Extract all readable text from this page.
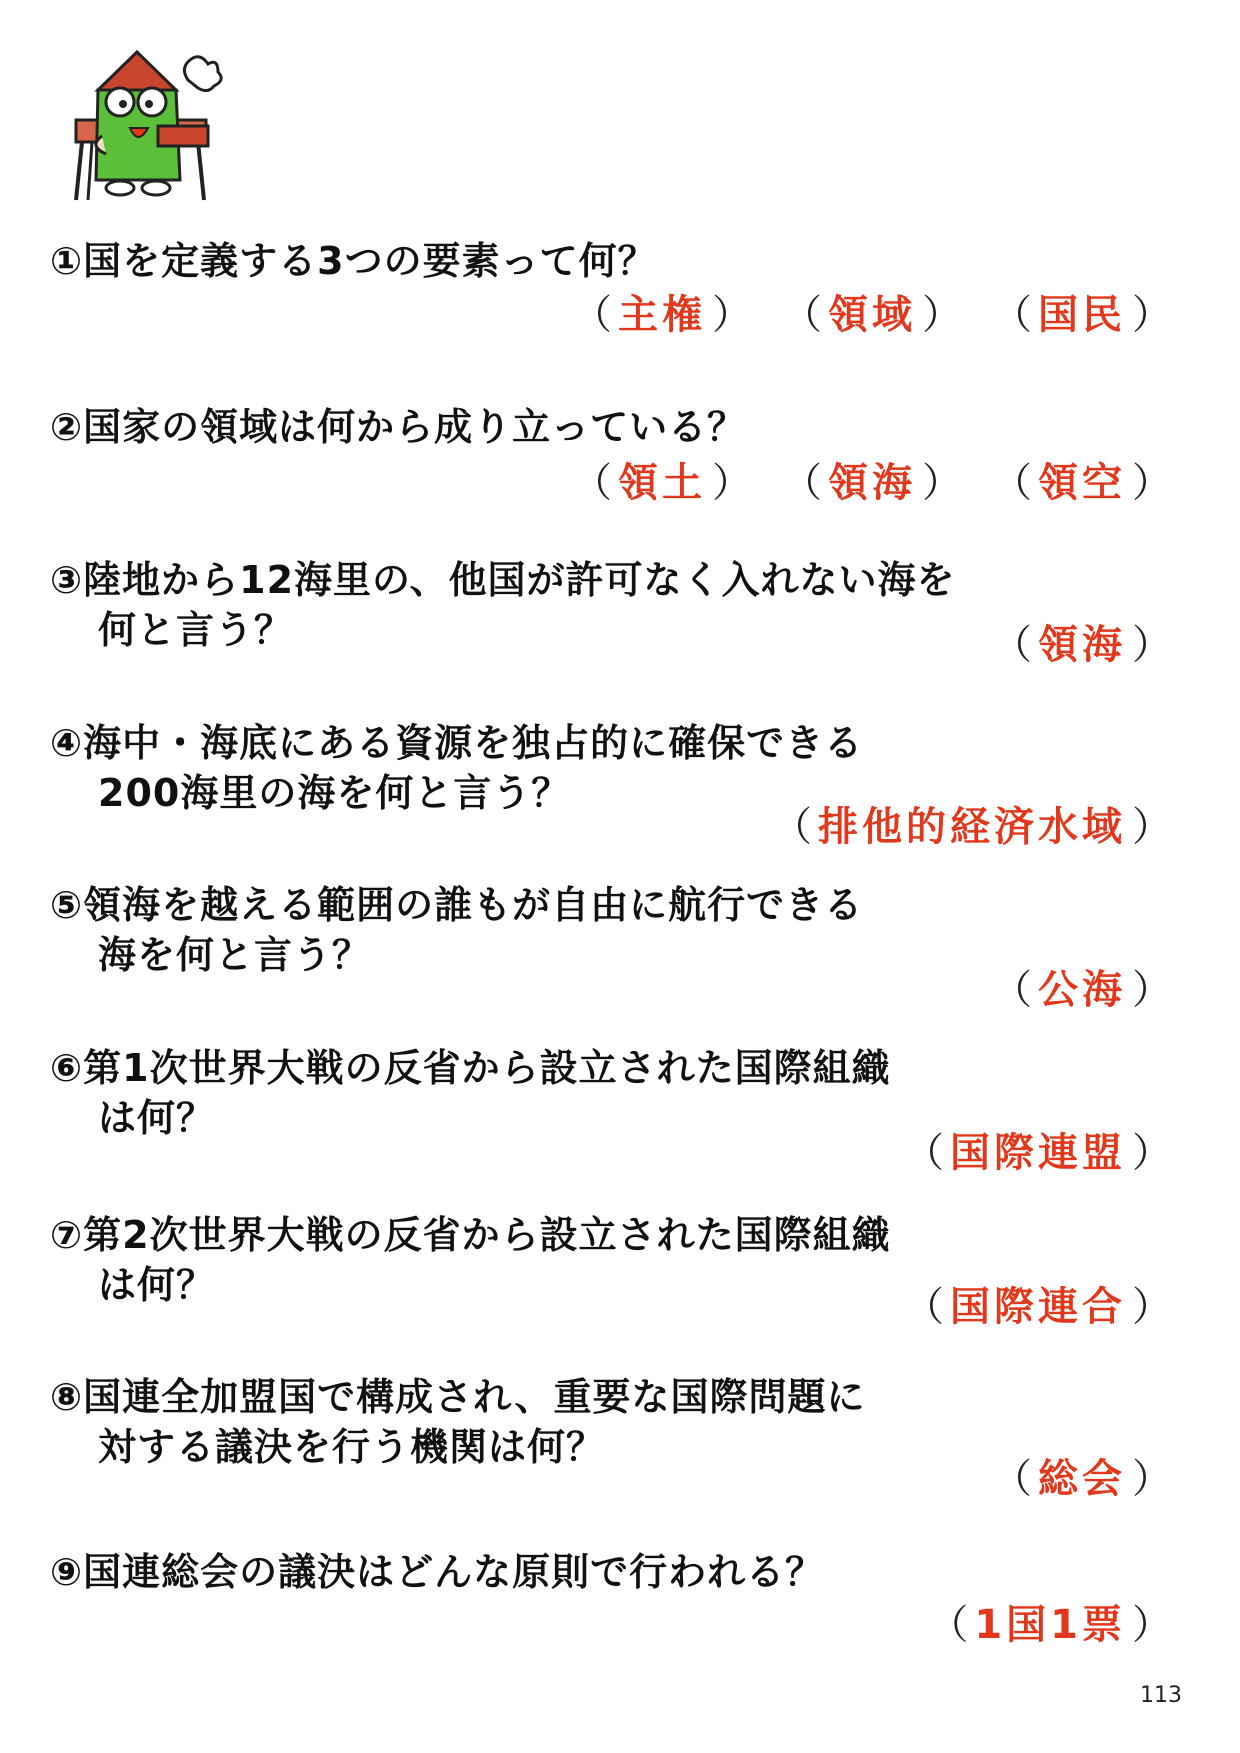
①国を定義する3つの要素って何？
（ 主権 ） （ 領域 ） （ 国民 ）
②国家の領域は何から成り立っている？
（ 領土 ） （ 領海 ） （ 領空 ）
③陸地から12海里の、他国が許可なく入れない海を
何と言う？	（ 領海 ）
④海中・海底にある資源を独占的に確保できる
200海里の海を何と言う？
（ 排他的経済水域 ）
⑤領海を越える範囲の誰もが自由に航行できる
海を何と言う？
（ 公海 ）
⑥第1次世界大戦の反省から設立された国際組織
は何？
（ 国際連盟 ）
⑦第2次世界大戦の反省から設立された国際組織
は何？	（ 国際連合 ）
⑧国連全加盟国で構成され、重要な国際問題に
対する議決を行う機関は何？
（ 総会 ）
⑨国連総会の議決はどんな原則で行われる？
（ 1国1票 ）
113
